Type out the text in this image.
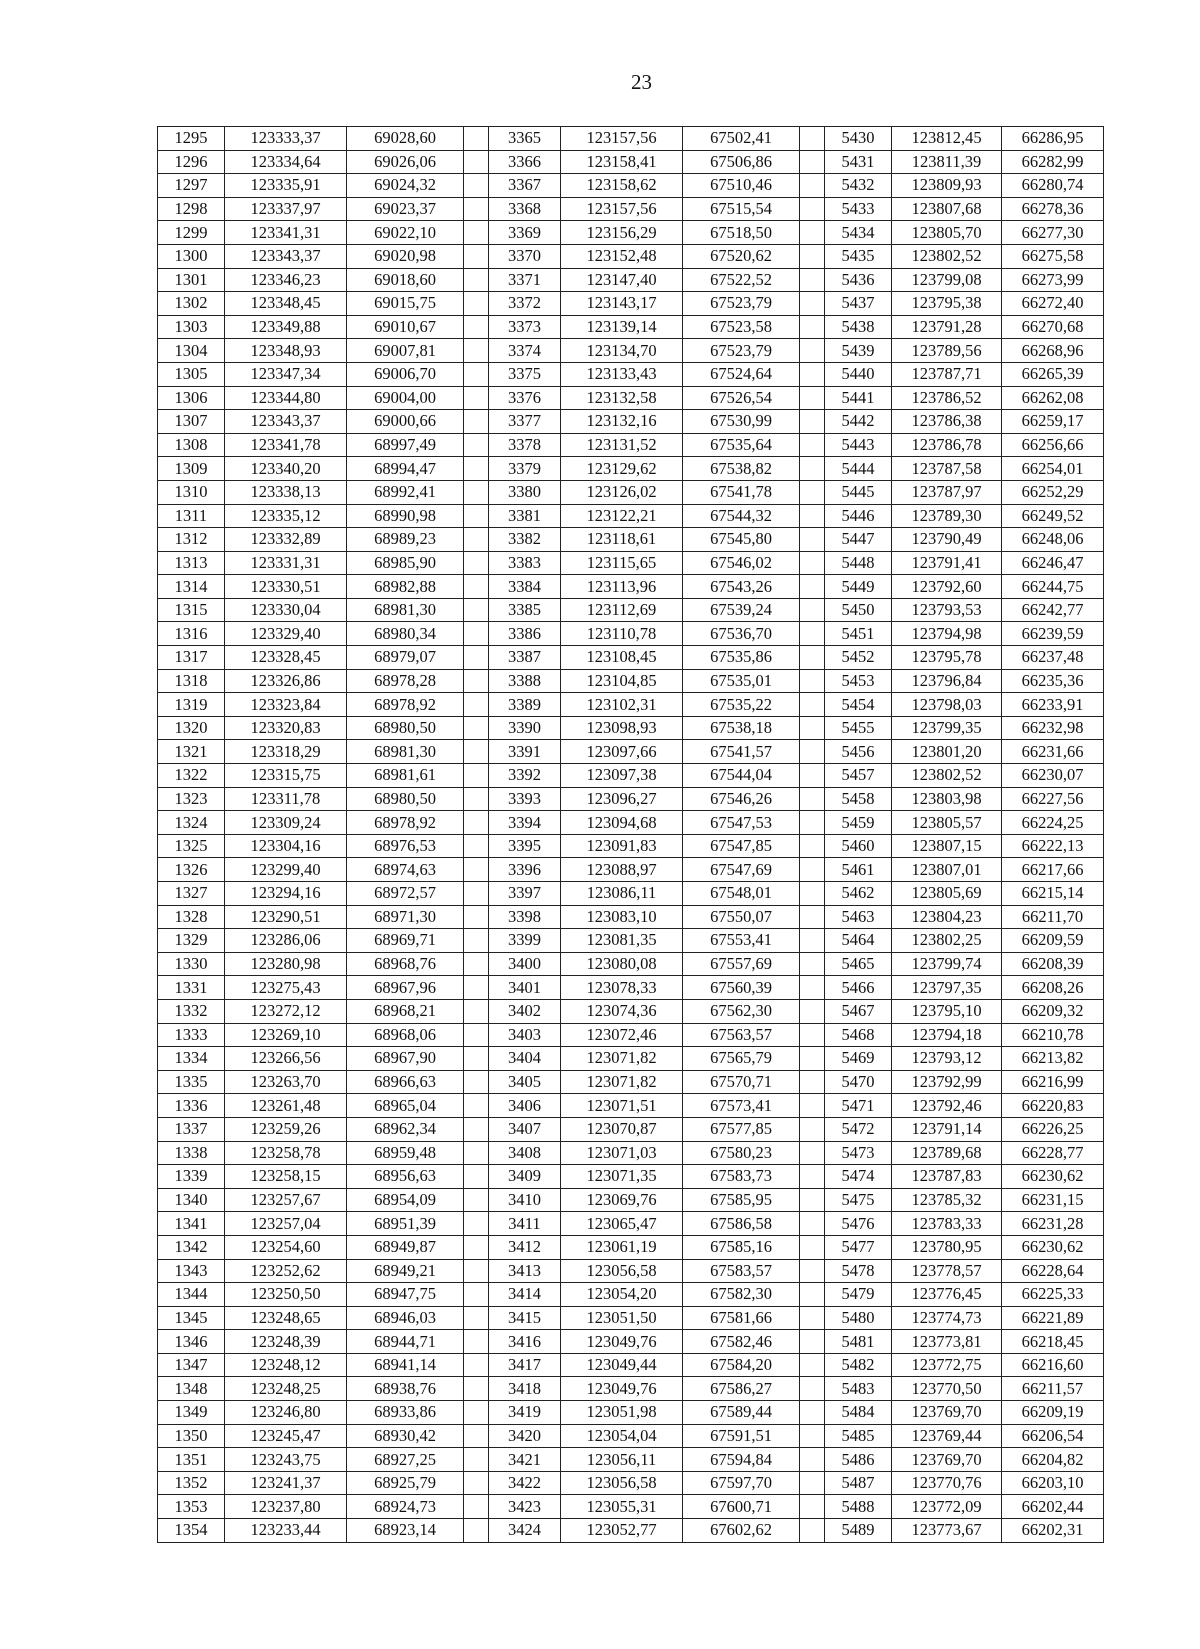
23
1295	123333,37	69028,60		3365	123157,56	67502,41		5430	123812,45	66286,95
1296	123334,64	69026,06		3366	123158,41	67506,86		5431	123811,39	66282,99
1297	123335,91	69024,32		3367	123158,62	67510,46		5432	123809,93	66280,74
1298	123337,97	69023,37		3368	123157,56	67515,54		5433	123807,68	66278,36
1299	123341,31	69022,10		3369	123156,29	67518,50		5434	123805,70	66277,30
1300	123343,37	69020,98		3370	123152,48	67520,62		5435	123802,52	66275,58
1301	123346,23	69018,60		3371	123147,40	67522,52		5436	123799,08	66273,99
1302	123348,45	69015,75		3372	123143,17	67523,79		5437	123795,38	66272,40
1303	123349,88	69010,67		3373	123139,14	67523,58		5438	123791,28	66270,68
1304	123348,93	69007,81		3374	123134,70	67523,79		5439	123789,56	66268,96
1305	123347,34	69006,70		3375	123133,43	67524,64		5440	123787,71	66265,39
1306	123344,80	69004,00		3376	123132,58	67526,54		5441	123786,52	66262,08
1307	123343,37	69000,66		3377	123132,16	67530,99		5442	123786,38	66259,17
1308	123341,78	68997,49		3378	123131,52	67535,64		5443	123786,78	66256,66
1309	123340,20	68994,47		3379	123129,62	67538,82		5444	123787,58	66254,01
1310	123338,13	68992,41		3380	123126,02	67541,78		5445	123787,97	66252,29
1311	123335,12	68990,98		3381	123122,21	67544,32		5446	123789,30	66249,52
1312	123332,89	68989,23		3382	123118,61	67545,80		5447	123790,49	66248,06
1313	123331,31	68985,90		3383	123115,65	67546,02		5448	123791,41	66246,47
1314	123330,51	68982,88		3384	123113,96	67543,26		5449	123792,60	66244,75
1315	123330,04	68981,30		3385	123112,69	67539,24		5450	123793,53	66242,77
1316	123329,40	68980,34		3386	123110,78	67536,70		5451	123794,98	66239,59
1317	123328,45	68979,07		3387	123108,45	67535,86		5452	123795,78	66237,48
1318	123326,86	68978,28		3388	123104,85	67535,01		5453	123796,84	66235,36
1319	123323,84	68978,92		3389	123102,31	67535,22		5454	123798,03	66233,91
1320	123320,83	68980,50		3390	123098,93	67538,18		5455	123799,35	66232,98
1321	123318,29	68981,30		3391	123097,66	67541,57		5456	123801,20	66231,66
1322	123315,75	68981,61		3392	123097,38	67544,04		5457	123802,52	66230,07
1323	123311,78	68980,50		3393	123096,27	67546,26		5458	123803,98	66227,56
1324	123309,24	68978,92		3394	123094,68	67547,53		5459	123805,57	66224,25
1325	123304,16	68976,53		3395	123091,83	67547,85		5460	123807,15	66222,13
1326	123299,40	68974,63		3396	123088,97	67547,69		5461	123807,01	66217,66
1327	123294,16	68972,57		3397	123086,11	67548,01		5462	123805,69	66215,14
1328	123290,51	68971,30		3398	123083,10	67550,07		5463	123804,23	66211,70
1329	123286,06	68969,71		3399	123081,35	67553,41		5464	123802,25	66209,59
1330	123280,98	68968,76		3400	123080,08	67557,69		5465	123799,74	66208,39
1331	123275,43	68967,96		3401	123078,33	67560,39		5466	123797,35	66208,26
1332	123272,12	68968,21		3402	123074,36	67562,30		5467	123795,10	66209,32
1333	123269,10	68968,06		3403	123072,46	67563,57		5468	123794,18	66210,78
1334	123266,56	68967,90		3404	123071,82	67565,79		5469	123793,12	66213,82
1335	123263,70	68966,63		3405	123071,82	67570,71		5470	123792,99	66216,99
1336	123261,48	68965,04		3406	123071,51	67573,41		5471	123792,46	66220,83
1337	123259,26	68962,34		3407	123070,87	67577,85		5472	123791,14	66226,25
1338	123258,78	68959,48		3408	123071,03	67580,23		5473	123789,68	66228,77
1339	123258,15	68956,63		3409	123071,35	67583,73		5474	123787,83	66230,62
1340	123257,67	68954,09		3410	123069,76	67585,95		5475	123785,32	66231,15
1341	123257,04	68951,39		3411	123065,47	67586,58		5476	123783,33	66231,28
1342	123254,60	68949,87		3412	123061,19	67585,16		5477	123780,95	66230,62
1343	123252,62	68949,21		3413	123056,58	67583,57		5478	123778,57	66228,64
1344	123250,50	68947,75		3414	123054,20	67582,30		5479	123776,45	66225,33
1345	123248,65	68946,03		3415	123051,50	67581,66		5480	123774,73	66221,89
1346	123248,39	68944,71		3416	123049,76	67582,46		5481	123773,81	66218,45
1347	123248,12	68941,14		3417	123049,44	67584,20		5482	123772,75	66216,60
1348	123248,25	68938,76		3418	123049,76	67586,27		5483	123770,50	66211,57
1349	123246,80	68933,86		3419	123051,98	67589,44		5484	123769,70	66209,19
1350	123245,47	68930,42		3420	123054,04	67591,51		5485	123769,44	66206,54
1351	123243,75	68927,25		3421	123056,11	67594,84		5486	123769,70	66204,82
1352	123241,37	68925,79		3422	123056,58	67597,70		5487	123770,76	66203,10
1353	123237,80	68924,73		3423	123055,31	67600,71		5488	123772,09	66202,44
1354	123233,44	68923,14		3424	123052,77	67602,62		5489	123773,67	66202,31
